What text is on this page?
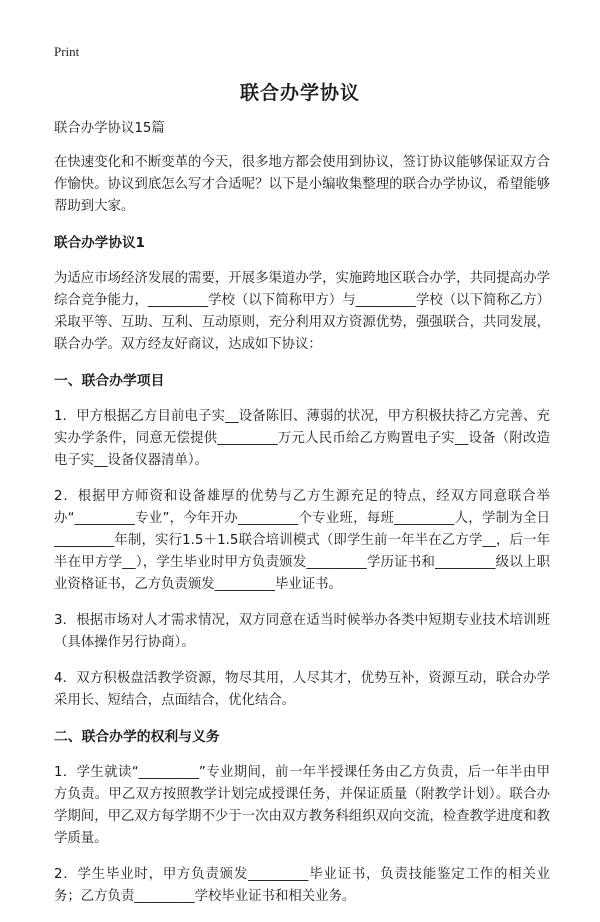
Print
联合办学协议

联合办学协议15篇

在快速变化和不断变革的今天，很多地方都会使用到协议，签订协议能够保证双方合作愉快。协议到底怎么写才合适呢？以下是小编收集整理的联合办学协议，希望能够帮助到大家。

联合办学协议1

为适应市场经济发展的需要，开展多渠道办学，实施跨地区联合办学，共同提高办学综合竞争能力，_________学校（以下简称甲方）与_________学校（以下简称乙方）采取平等、互助、互利、互动原则，充分利用双方资源优势，强强联合，共同发展，联合办学。双方经友好商议，达成如下协议：

一、联合办学项目

1．甲方根据乙方目前电子实__设备陈旧、薄弱的状况，甲方积极扶持乙方完善、充实办学条件，同意无偿提供_________万元人民币给乙方购置电子实__设备（附改造电子实__设备仪器清单）。

2．根据甲方师资和设备雄厚的优势与乙方生源充足的特点，经双方同意联合举办“_________专业”，今年开办_________个专业班，每班_________人，学制为全日_________年制，实行1.5＋1.5联合培训模式（即学生前一年半在乙方学__，后一年半在甲方学__），学生毕业时甲方负责颁发_________学历证书和_________级以上职业资格证书，乙方负责颁发_________毕业证书。

3．根据市场对人才需求情况，双方同意在适当时候举办各类中短期专业技术培训班（具体操作另行协商）。

4．双方积极盘活教学资源，物尽其用，人尽其才，优势互补，资源互动，联合办学采用长、短结合，点面结合，优化结合。

二、联合办学的权利与义务

1．学生就读“_________”专业期间，前一年半授课任务由乙方负责，后一年半由甲方负责。甲乙双方按照教学计划完成授课任务，并保证质量（附教学计划）。联合办学期间，甲乙双方每学期不少于一次由双方教务科组织双向交流，检查教学进度和教学质量。

2．学生毕业时，甲方负责颁发_________毕业证书，负责技能鉴定工作的相关业务；乙方负责_________学校毕业证书和相关业务。
